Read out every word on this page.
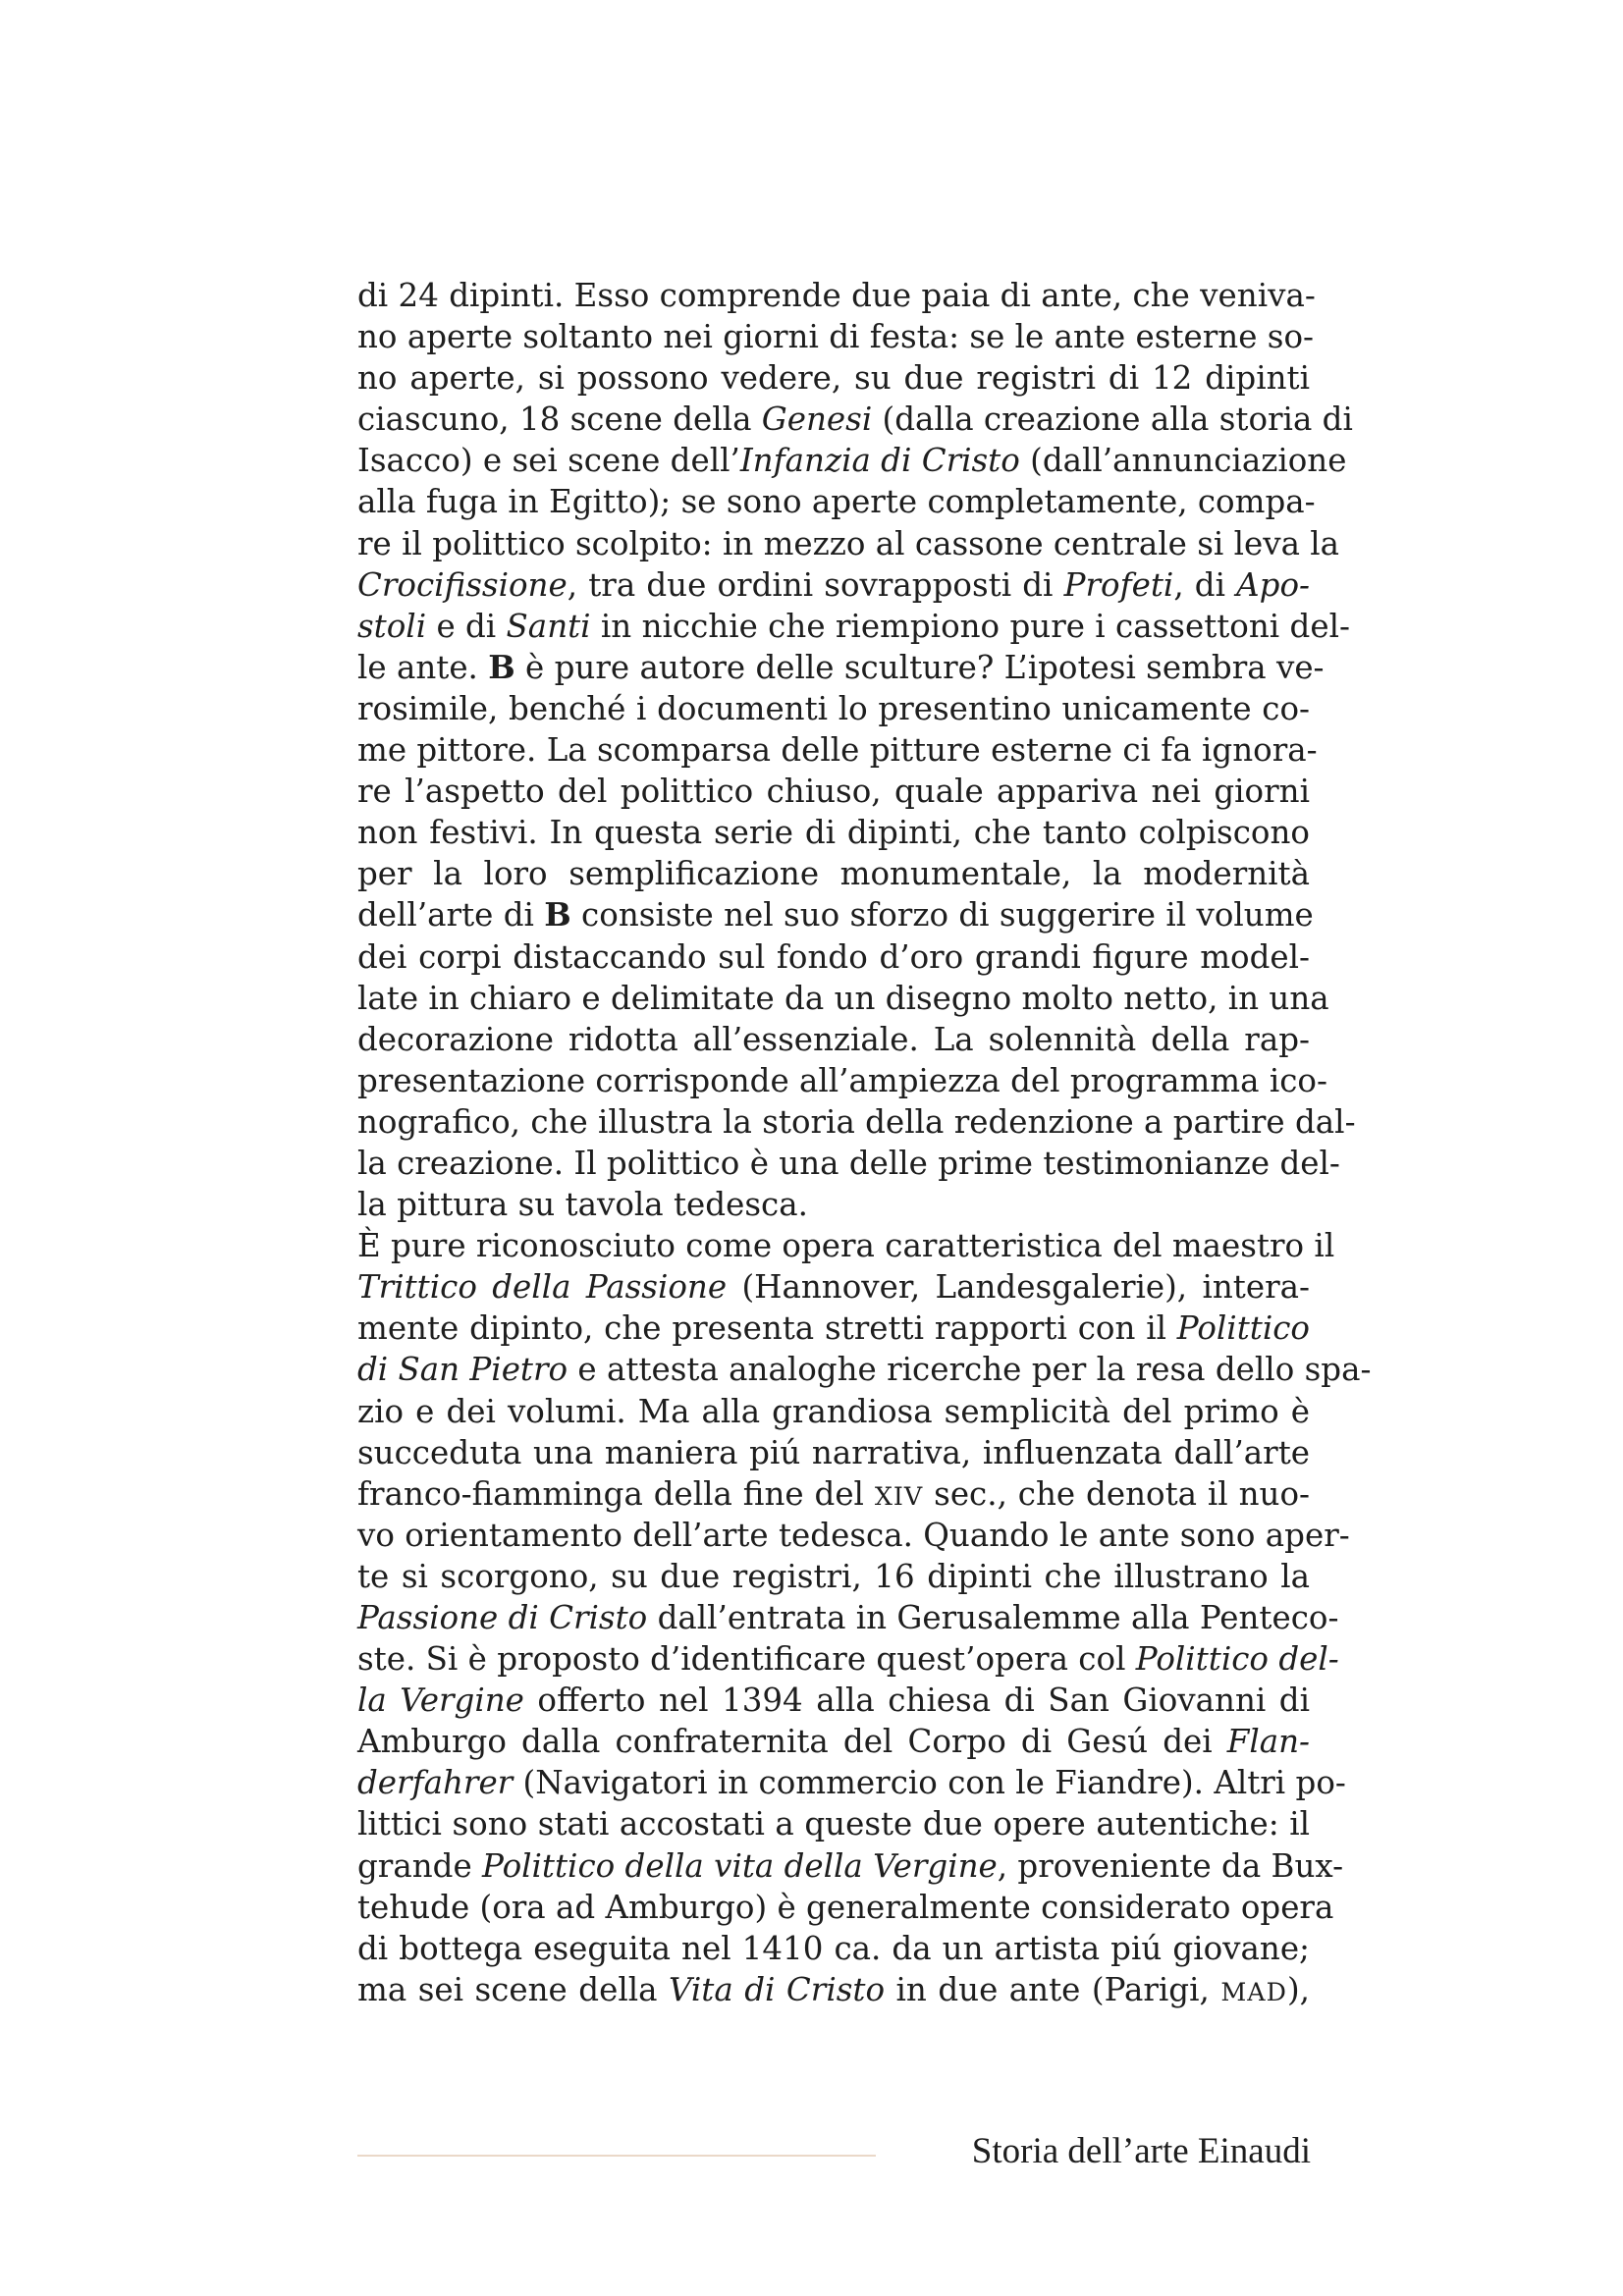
di 24 dipinti. Esso comprende due paia di ante, che veniva-
no aperte soltanto nei giorni di festa: se le ante esterne so-
no aperte, si possono vedere, su due registri di 12 dipinti
ciascuno, 18 scene della Genesi (dalla creazione alla storia di
Isacco) e sei scene dell’Infanzia di Cristo (dall’annunciazione
alla fuga in Egitto); se sono aperte completamente, compa-
re il polittico scolpito: in mezzo al cassone centrale si leva la
Crocifissione, tra due ordini sovrapposti di Profeti, di Apo-
stoli e di Santi in nicchie che riempiono pure i cassettoni del-
le ante. B è pure autore delle sculture? L’ipotesi sembra ve-
rosimile, benché i documenti lo presentino unicamente co-
me pittore. La scomparsa delle pitture esterne ci fa ignora-
re l’aspetto del polittico chiuso, quale appariva nei giorni
non festivi. In questa serie di dipinti, che tanto colpiscono
per la loro semplificazione monumentale, la modernità
dell’arte di B consiste nel suo sforzo di suggerire il volume
dei corpi distaccando sul fondo d’oro grandi figure model-
late in chiaro e delimitate da un disegno molto netto, in una
decorazione ridotta all’essenziale. La solennità della rap-
presentazione corrisponde all’ampiezza del programma ico-
nografico, che illustra la storia della redenzione a partire dal-
la creazione. Il polittico è una delle prime testimonianze del-
la pittura su tavola tedesca.
È pure riconosciuto come opera caratteristica del maestro il
Trittico della Passione (Hannover, Landesgalerie), intera-
mente dipinto, che presenta stretti rapporti con il Polittico
di San Pietro e attesta analoghe ricerche per la resa dello spa-
zio e dei volumi. Ma alla grandiosa semplicità del primo è
succeduta una maniera piú narrativa, influenzata dall’arte
franco-fiamminga della fine del XIV sec., che denota il nuo-
vo orientamento dell’arte tedesca. Quando le ante sono aper-
te si scorgono, su due registri, 16 dipinti che illustrano la
Passione di Cristo dall’entrata in Gerusalemme alla Penteco-
ste. Si è proposto d’identificare quest’opera col Polittico del-
la Vergine offerto nel 1394 alla chiesa di San Giovanni di
Amburgo dalla confraternita del Corpo di Gesú dei Flan-
derfahrer (Navigatori in commercio con le Fiandre). Altri po-
littici sono stati accostati a queste due opere autentiche: il
grande Polittico della vita della Vergine, proveniente da Bux-
tehude (ora ad Amburgo) è generalmente considerato opera
di bottega eseguita nel 1410 ca. da un artista piú giovane;
ma sei scene della Vita di Cristo in due ante (Parigi, MAD),
Storia dell’arte Einaudi
